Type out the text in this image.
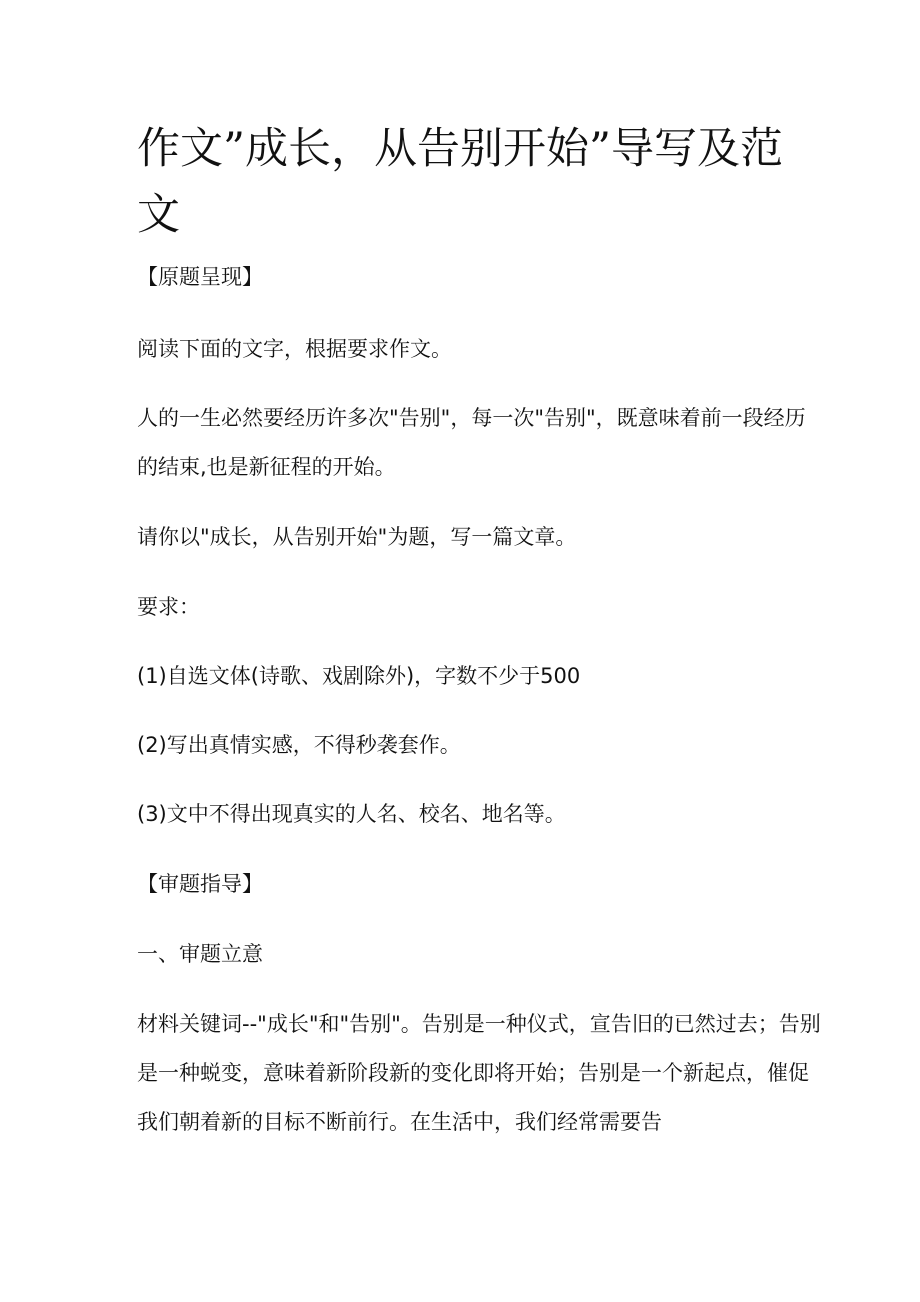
作文”成长，从告别开始”导写及范文

【原题呈现】

阅读下面的文字，根据要求作文。

人的一生必然要经历许多次"告别"，每一次"告别"，既意味着前一段经历

的结束,也是新征程的开始。

请你以"成长，从告别开始"为题，写一篇文章。

要求：

(1)自选文体(诗歌、戏剧除外)，字数不少于500

(2)写出真情实感，不得秒袭套作。

(3)文中不得出现真实的人名、校名、地名等。

【审题指导】

一、审题立意

材料关键词--"成长"和"告别"。告别是一种仪式，宣告旧的已然过去；告别

是一种蜕变，意味着新阶段新的变化即将开始；告别是一个新起点，催促

我们朝着新的目标不断前行。在生活中，我们经常需要告
